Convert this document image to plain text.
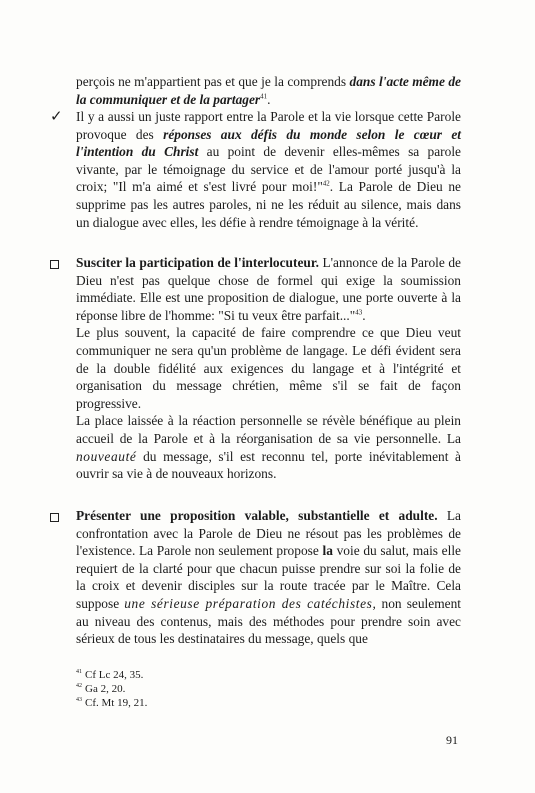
perçois ne m'appartient pas et que je la comprends dans l'acte même de la communiquer et de la partager$^{41}$.
✓ Il y a aussi un juste rapport entre la Parole et la vie lorsque cette Parole provoque des réponses aux défis du monde selon le cœur et l'intention du Christ au point de devenir elles-mêmes sa parole vivante, par le témoignage du service et de l'amour porté jusqu'à la croix; "Il m'a aimé et s'est livré pour moi!"$^{42}$. La Parole de Dieu ne supprime pas les autres paroles, ni ne les réduit au silence, mais dans un dialogue avec elles, les défie à rendre témoignage à la vérité.
Susciter la participation de l'interlocuteur. L'annonce de la Parole de Dieu n'est pas quelque chose de formel qui exige la soumission immédiate. Elle est une proposition de dialogue, une porte ouverte à la réponse libre de l'homme: "Si tu veux être parfait..."$^{43}$.
Le plus souvent, la capacité de faire comprendre ce que Dieu veut communiquer ne sera qu'un problème de langage. Le défi évident sera de la double fidélité aux exigences du langage et à l'intégrité et organisation du message chrétien, même s'il se fait de façon progressive.
La place laissée à la réaction personnelle se révèle bénéfique au plein accueil de la Parole et à la réorganisation de sa vie personnelle. La nouveauté du message, s'il est reconnu tel, porte inévitablement à ouvrir sa vie à de nouveaux horizons.
Présenter une proposition valable, substantielle et adulte. La confrontation avec la Parole de Dieu ne résout pas les problèmes de l'existence. La Parole non seulement propose la voie du salut, mais elle requiert de la clarté pour que chacun puisse prendre sur soi la folie de la croix et devenir disciples sur la route tracée par le Maître. Cela suppose une sérieuse préparation des catéchistes, non seulement au niveau des contenus, mais des méthodes pour prendre soin avec sérieux de tous les destinataires du message, quels que
$^{41}$ Cf Lc 24, 35.
$^{42}$ Ga 2, 20.
$^{43}$ Cf. Mt 19, 21.
91
